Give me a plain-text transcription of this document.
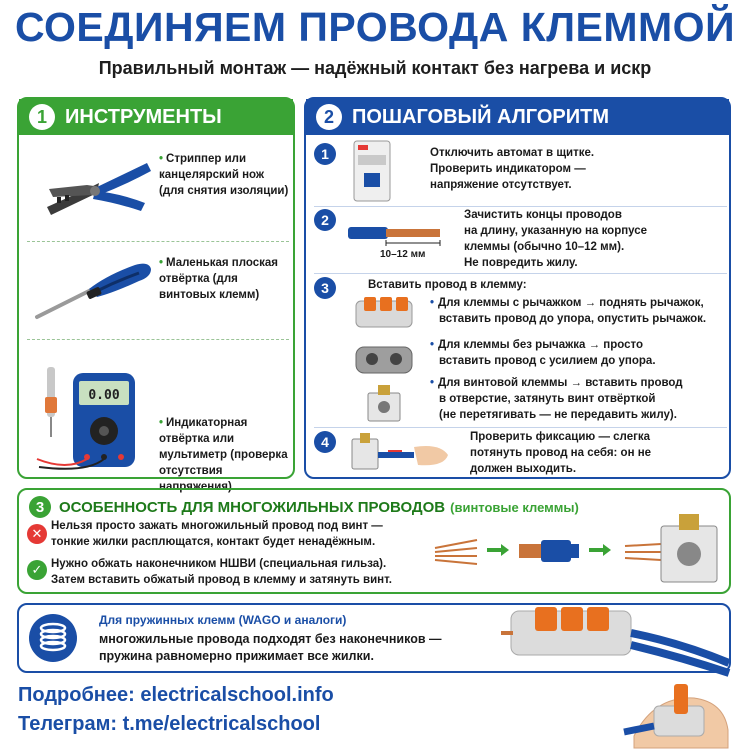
СОЕДИНЯЕМ ПРОВОДА КЛЕММОЙ
Правильный монтаж — надёжный контакт без нагрева и искр
1 ИНСТРУМЕНТЫ
• Стриппер или канцелярский нож (для снятия изоляции)
• Маленькая плоская отвёртка (для винтовых клемм)
0.00
• Индикаторная отвёртка или мультиметр (проверка отсутствия напряжения)
2 ПОШАГОВЫЙ АЛГОРИТМ
1	Отключить автомат в щитке.
Проверить индикатором —
напряжение отсутствует.
2
10–12 мм
Зачистить концы проводов
на длину, указанную на корпусе
клеммы (обычно 10–12 мм).
Не повредить жилу.
3	Вставить провод в клемму:
• Для клеммы с рычажком → поднять рычажок,
вставить провод до упора, опустить рычажок.
• Для клеммы без рычажка → просто
вставить провод с усилием до упора.
• Для винтовой клеммы → вставить провод
в отверстие, затянуть винт отвёрткой
(не перетягивать — не передавить жилу).
4	Проверить фиксацию — слегка
потянуть провод на себя: он не
должен выходить.
3 ОСОБЕННОСТЬ ДЛЯ МНОГОЖИЛЬНЫХ ПРОВОДОВ (винтовые клеммы)
✕ Нельзя просто зажать многожильный провод под винт —
тонкие жилки расплющатся, контакт будет ненадёжным.
✓ Нужно обжать наконечником НШВИ (специальная гильза).
Затем вставить обжатый провод в клемму и затянуть винт.
Для пружинных клемм (WAGO и аналоги)
многожильные провода подходят без наконечников —
пружина равномерно прижимает все жилки.
Подробнее: electricalschool.info
Телеграм: t.me/electricalschool
